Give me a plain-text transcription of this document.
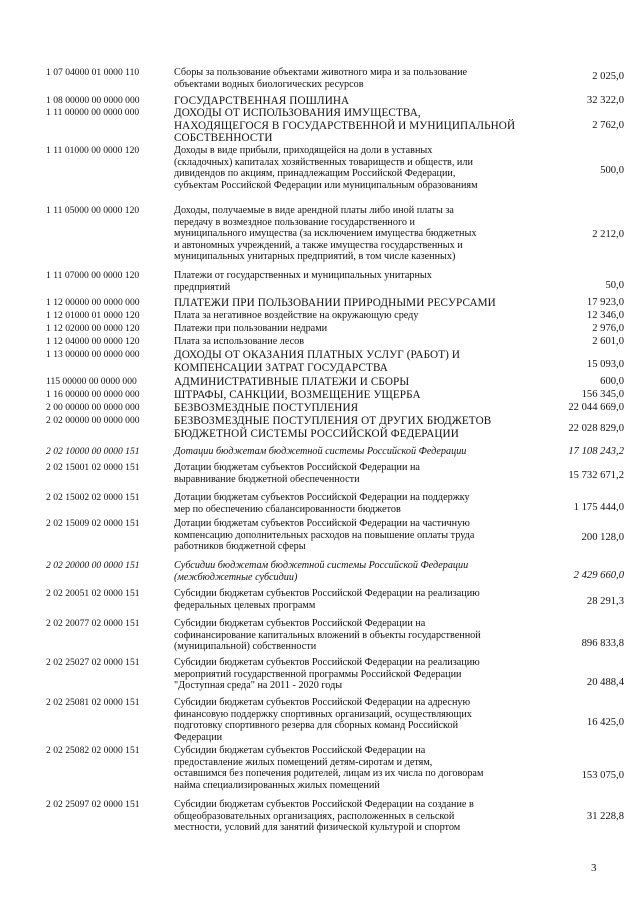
1 07 04000 01 0000 110	Сборы за пользование объектами животного мира и за пользование
объектами водных биологических ресурсов
2 025,0
1 08 00000 00 0000 000	ГОСУДАРСТВЕННАЯ ПОШЛИНА	32 322,0
1 11 00000 00 0000 000	ДОХОДЫ ОТ ИСПОЛЬЗОВАНИЯ ИМУЩЕСТВА,
НАХОДЯЩЕГОСЯ В ГОСУДАРСТВЕННОЙ И МУНИЦИПАЛЬНОЙ
СОБСТВЕННОСТИ
2 762,0
1 11 01000 00 0000 120	Доходы в виде прибыли, приходящейся на доли в уставных
(складочных) капиталах хозяйственных товариществ и обществ, или
дивидендов по акциям, принадлежащим Российской Федерации,
субъектам Российской Федерации или муниципальным образованиям
500,0
1 11 05000 00 0000 120	Доходы, получаемые в виде арендной платы либо иной платы за
передачу в возмездное пользование государственного и
муниципального имущества (за исключением имущества бюджетных
и автономных учреждений, а также имущества государственных и
муниципальных унитарных предприятий, в том числе казенных)
2 212,0
1 11 07000 00 0000 120	Платежи от государственных и муниципальных унитарных
предприятий	50,0
1 12 00000 00 0000 000	ПЛАТЕЖИ ПРИ ПОЛЬЗОВАНИИ ПРИРОДНЫМИ РЕСУРСАМИ	17 923,0
1 12 01000 01 0000 120	Плата за негативное воздействие на окружающую среду	12 346,0
1 12 02000 00 0000 120	Платежи при пользовании недрами	2 976,0
1 12 04000 00 0000 120	Плата за использование лесов	2 601,0
1 13 00000 00 0000 000	ДОХОДЫ ОТ ОКАЗАНИЯ ПЛАТНЫХ УСЛУГ (РАБОТ) И
КОМПЕНСАЦИИ ЗАТРАТ ГОСУДАРСТВА	15 093,0
115 00000 00 0000 000	АДМИНИСТРАТИВНЫЕ ПЛАТЕЖИ И СБОРЫ	600,0
1 16 00000 00 0000 000	ШТРАФЫ, САНКЦИИ, ВОЗМЕЩЕНИЕ УЩЕРБА	156 345,0
2 00 00000 00 0000 000	БЕЗВОЗМЕЗДНЫЕ ПОСТУПЛЕНИЯ	22 044 669,0
2 02 00000 00 0000 000	БЕЗВОЗМЕЗДНЫЕ ПОСТУПЛЕНИЯ ОТ ДРУГИХ БЮДЖЕТОВ
БЮДЖЕТНОЙ СИСТЕМЫ РОССИЙСКОЙ ФЕДЕРАЦИИ	22 028 829,0
2 02 10000 00 0000 151	Дотации бюджетам бюджетной системы Российской Федерации	17 108 243,2
2 02 15001 02 0000 151	Дотации бюджетам субъектов Российской Федерации на
выравнивание бюджетной обеспеченности	15 732 671,2
2 02 15002 02 0000 151	Дотации бюджетам субъектов Российской Федерации на поддержку
мер по обеспечению сбалансированности бюджетов	1 175 444,0
2 02 15009 02 0000 151	Дотации бюджетам субъектов Российской Федерации на частичную
компенсацию дополнительных расходов на повышение оплаты труда
работников бюджетной сферы
200 128,0
2 02 20000 00 0000 151	Субсидии бюджетам бюджетной системы Российской Федерации
(межбюджетные субсидии)	2 429 660,0
2 02 20051 02 0000 151	Субсидии бюджетам субъектов Российской Федерации на реализацию
федеральных целевых программ	28 291,3
2 02 20077 02 0000 151	Субсидии бюджетам субъектов Российской Федерации на
софинансирование капитальных вложений в объекты государственной
(муниципальной) собственности	896 833,8
2 02 25027 02 0000 151	Субсидии бюджетам субъектов Российской Федерации на реализацию
мероприятий государственной программы Российской Федерации
"Доступная среда" на 2011 - 2020 годы	20 488,4
2 02 25081 02 0000 151	Субсидии бюджетам субъектов Российской Федерации на адресную
финансовую поддержку спортивных организаций, осуществляющих
подготовку спортивного резерва для сборных команд Российской
Федерации
16 425,0
2 02 25082 02 0000 151	Субсидии бюджетам субъектов Российской Федерации на
предоставление жилых помещений детям-сиротам и детям,
оставшимся без попечения родителей, лицам из их числа по договорам
найма специализированных жилых помещений
153 075,0
2 02 25097 02 0000 151	Субсидии бюджетам субъектов Российской Федерации на создание в
общеобразовательных организациях, расположенных в сельской
местности, условий для занятий физической культурой и спортом
31 228,8
3
